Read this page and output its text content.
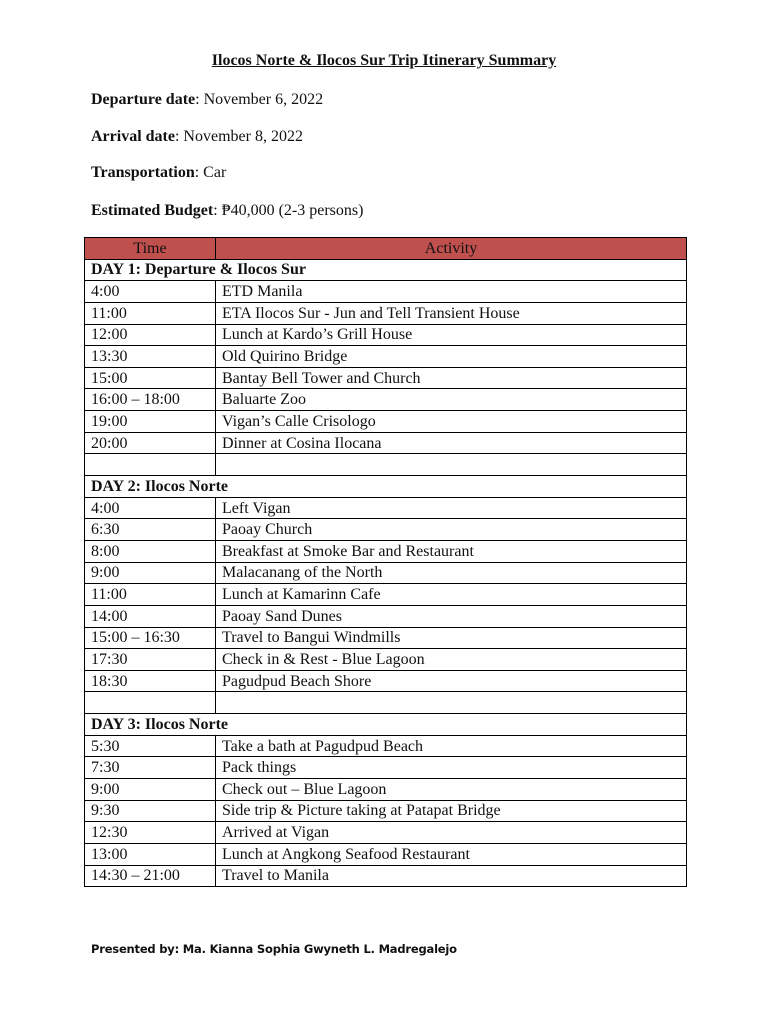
Ilocos Norte & Ilocos Sur Trip Itinerary Summary
Departure date: November 6, 2022
Arrival date: November 8, 2022
Transportation: Car
Estimated Budget: ₱40,000 (2-3 persons)
Time	Activity
DAY 1: Departure & Ilocos Sur	
4:00	ETD Manila
11:00	ETA Ilocos Sur - Jun and Tell Transient House
12:00	Lunch at Kardo’s Grill House
13:30	Old Quirino Bridge
15:00	Bantay Bell Tower and Church
16:00 – 18:00	Baluarte Zoo
19:00	Vigan’s Calle Crisologo
20:00	Dinner at Cosina Ilocana

DAY 2: Ilocos Norte	
4:00	Left Vigan
6:30	Paoay Church
8:00	Breakfast at Smoke Bar and Restaurant
9:00	Malacanang of the North
11:00	Lunch at Kamarinn Cafe
14:00	Paoay Sand Dunes
15:00 – 16:30	Travel to Bangui Windmills
17:30	Check in & Rest - Blue Lagoon
18:30	Pagudpud Beach Shore

DAY 3: Ilocos Norte	
5:30	Take a bath at Pagudpud Beach
7:30	Pack things
9:00	Check out – Blue Lagoon
9:30	Side trip & Picture taking at Patapat Bridge
12:30	Arrived at Vigan
13:00	Lunch at Angkong Seafood Restaurant
14:30 – 21:00	Travel to Manila
Presented by: Ma. Kianna Sophia Gwyneth L. Madregalejo
